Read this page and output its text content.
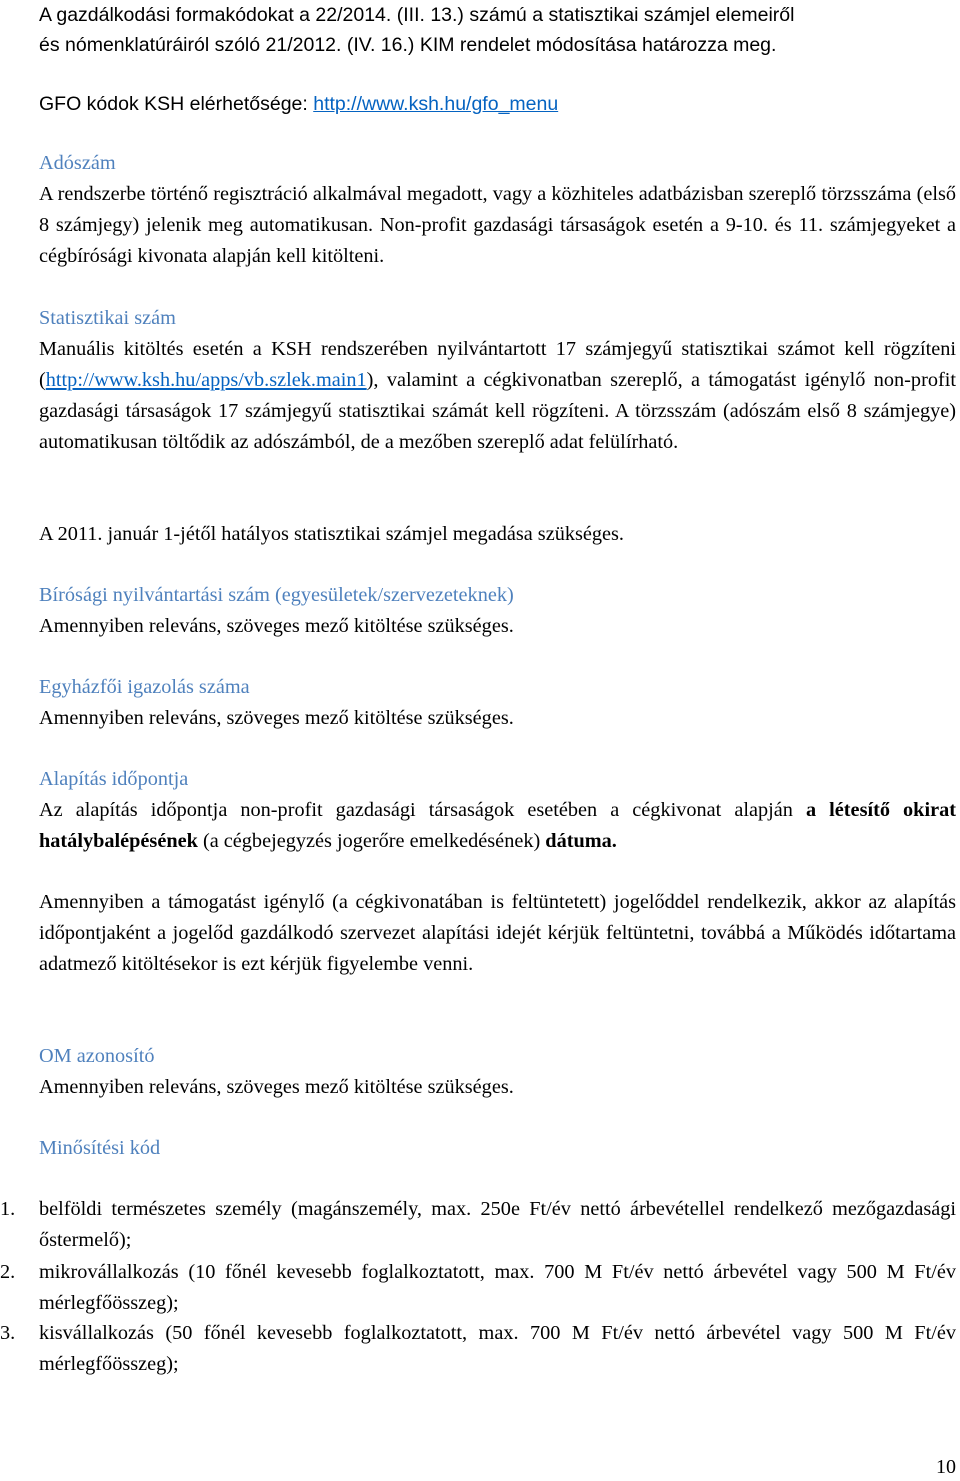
A gazdálkodási formakódokat a 22/2014. (III. 13.) számú a statisztikai számjel elemeiről
és nómenklatúráiról szóló 21/2012. (IV. 16.) KIM rendelet módosítása határozza meg.
GFO kódok KSH elérhetősége: http://www.ksh.hu/gfo_menu
Adószám
A rendszerbe történő regisztráció alkalmával megadott, vagy a közhiteles adatbázisban szereplő törzsszáma (első 8 számjegy) jelenik meg automatikusan. Non-profit gazdasági társaságok esetén a 9-10. és 11. számjegyeket a cégbírósági kivonata alapján kell kitölteni.
Statisztikai szám
Manuális kitöltés esetén a KSH rendszerében nyilvántartott 17 számjegyű statisztikai számot kell rögzíteni (http://www.ksh.hu/apps/vb.szlek.main1), valamint a cégkivonatban szereplő, a támogatást igénylő non-profit gazdasági társaságok 17 számjegyű statisztikai számát kell rögzíteni. A törzsszám (adószám első 8 számjegye) automatikusan töltődik az adószámból, de a mezőben szereplő adat felülírható.
A 2011. január 1-jétől hatályos statisztikai számjel megadása szükséges.
Bírósági nyilvántartási szám (egyesületek/szervezeteknek)
Amennyiben releváns, szöveges mező kitöltése szükséges.
Egyházfői igazolás száma
Amennyiben releváns, szöveges mező kitöltése szükséges.
Alapítás időpontja
Az alapítás időpontja non-profit gazdasági társaságok esetében a cégkivonat alapján a létesítő okirat hatálybalépésének (a cégbejegyzés jogerőre emelkedésének) dátuma.
Amennyiben a támogatást igénylő (a cégkivonatában is feltüntetett) jogelőddel rendelkezik, akkor az alapítás időpontjaként a jogelőd gazdálkodó szervezet alapítási idejét kérjük feltüntetni, továbbá a Működés időtartama adatmező kitöltésekor is ezt kérjük figyelembe venni.
OM azonosító
Amennyiben releváns, szöveges mező kitöltése szükséges.
Minősítési kód
1.	belföldi természetes személy (magánszemély, max. 250e Ft/év nettó árbevétellel rendelkező mezőgazdasági őstermelő);
2.	mikrovállalkozás (10 főnél kevesebb foglalkoztatott, max. 700 M Ft/év nettó árbevétel vagy 500 M Ft/év mérlegfőösszeg);
3.	kisvállalkozás (50 főnél kevesebb foglalkoztatott, max. 700 M Ft/év nettó árbevétel vagy 500 M Ft/év mérlegfőösszeg);
10
